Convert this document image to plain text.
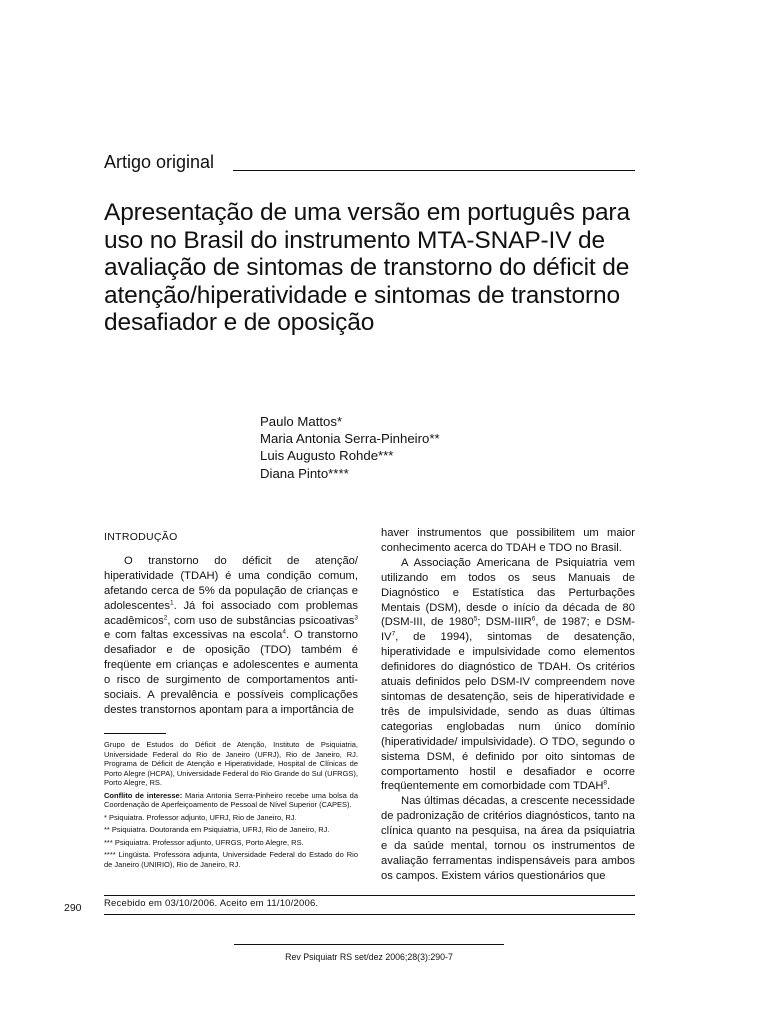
Artigo original
Apresentação de uma versão em português para uso no Brasil do instrumento MTA-SNAP-IV de avaliação de sintomas de transtorno do déficit de atenção/hiperatividade e sintomas de transtorno desafiador e de oposição
Paulo Mattos*
Maria Antonia Serra-Pinheiro**
Luis Augusto Rohde***
Diana Pinto****
INTRODUÇÃO

O transtorno do déficit de atenção/ hiperatividade (TDAH) é uma condição comum, afetando cerca de 5% da população de crianças e adolescentes$^1$. Já foi associado com problemas acadêmicos$^2$, com uso de substâncias psicoativas$^3$ e com faltas excessivas na escola$^4$. O transtorno desafiador e de oposição (TDO) também é freqüente em crianças e adolescentes e aumenta o risco de surgimento de comportamentos anti-sociais. A prevalência e possíveis complicações destes transtornos apontam para a importância de

haver instrumentos que possibilitem um maior conhecimento acerca do TDAH e TDO no Brasil.

A Associação Americana de Psiquiatria vem utilizando em todos os seus Manuais de Diagnóstico e Estatística das Perturbações Mentais (DSM), desde o início da década de 80 (DSM-III, de 1980$^5$; DSM-IIIR$^6$, de 1987; e DSM-$IV^7$, de 1994), sintomas de desatenção, hiperatividade e impulsividade como elementos definidores do diagnóstico de TDAH. Os critérios atuais definidos pelo DSM-IV compreendem nove sintomas de desatenção, seis de hiperatividade e três de impulsividade, sendo as duas últimas categorias englobadas num único domínio (hiperatividade/ impulsividade). O TDO, segundo o sistema DSM, é definido por oito sintomas de comportamento hostil e desafiador e ocorre freqüentemente em comorbidade com TDAH$^8$.

Nas últimas décadas, a crescente necessidade de padronização de critérios diagnósticos, tanto na clínica quanto na pesquisa, na área da psiquiatria e da saúde mental, tornou os instrumentos de avaliação ferramentas indispensáveis para ambos os campos. Existem vários questionários que

Grupo de Estudos do Déficit de Atenção, Instituto de Psiquiatria, Universidade Federal do Rio de Janeiro (UFRJ), Rio de Janeiro, RJ. Programa de Déficit de Atenção e Hiperatividade, Hospital de Clínicas de Porto Alegre (HCPA), Universidade Federal do Rio Grande do Sul (UFRGS), Porto Alegre, RS.

Conflito de interesse: Maria Antonia Serra-Pinheiro recebe uma bolsa da Coordenação de Aperfeiçoamento de Pessoal de Nível Superior (CAPES).

* Psiquiatra. Professor adjunto, UFRJ, Rio de Janeiro, RJ.

** Psiquiatra. Doutoranda em Psiquiatria, UFRJ, Rio de Janeiro, RJ.

*** Psiquiatra. Professor adjunto, UFRGS, Porto Alegre, RS.

**** Lingüista. Professora adjunta, Universidade Federal do Estado do Rio de Janeiro (UNIRIO), Rio de Janeiro, RJ.

290 Recebido em 03/10/2006. Aceito em 11/10/2006.
Rev Psiquiatr RS set/dez 2006;28(3):290-7
